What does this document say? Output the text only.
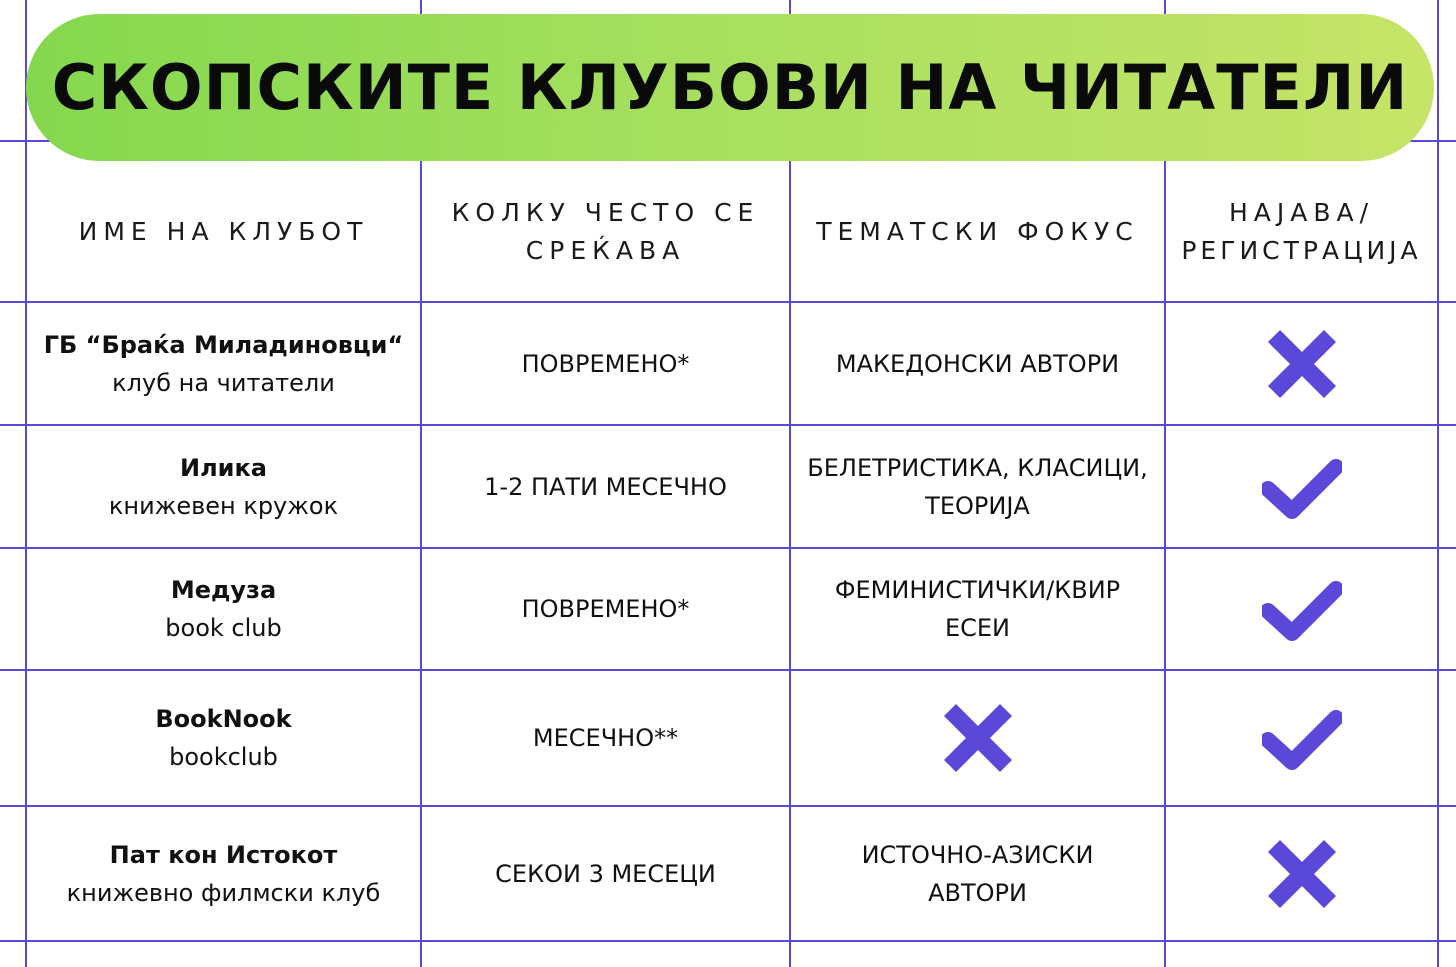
СКОПСКИТЕ КЛУБОВИ НА ЧИТАТЕЛИ
ИМЕ НА КЛУБОТ
КОЛКУ ЧЕСТО СЕ
СРЕЌАВА
ТЕМАТСКИ ФОКУС
НАЈАВА/
РЕГИСТРАЦИЈА
ГБ “Браќа Миладиновци“
клуб на читатели
ПОВРЕМЕНО*	МАКЕДОНСКИ АВТОРИ
Илика
книжевен кружок
1-2 ПАТИ МЕСЕЧНО
БЕЛЕТРИСТИКА, КЛАСИЦИ,
ТЕОРИЈА
Медуза
book club
ПОВРЕМЕНО*
ФЕМИНИСТИЧКИ/КВИР
ЕСЕИ
BookNook
bookclub
МЕСЕЧНО**
Пат кон Истокот
книжевно филмски клуб
СЕКОИ 3 МЕСЕЦИ
ИСТОЧНО-АЗИСКИ
АВТОРИ
